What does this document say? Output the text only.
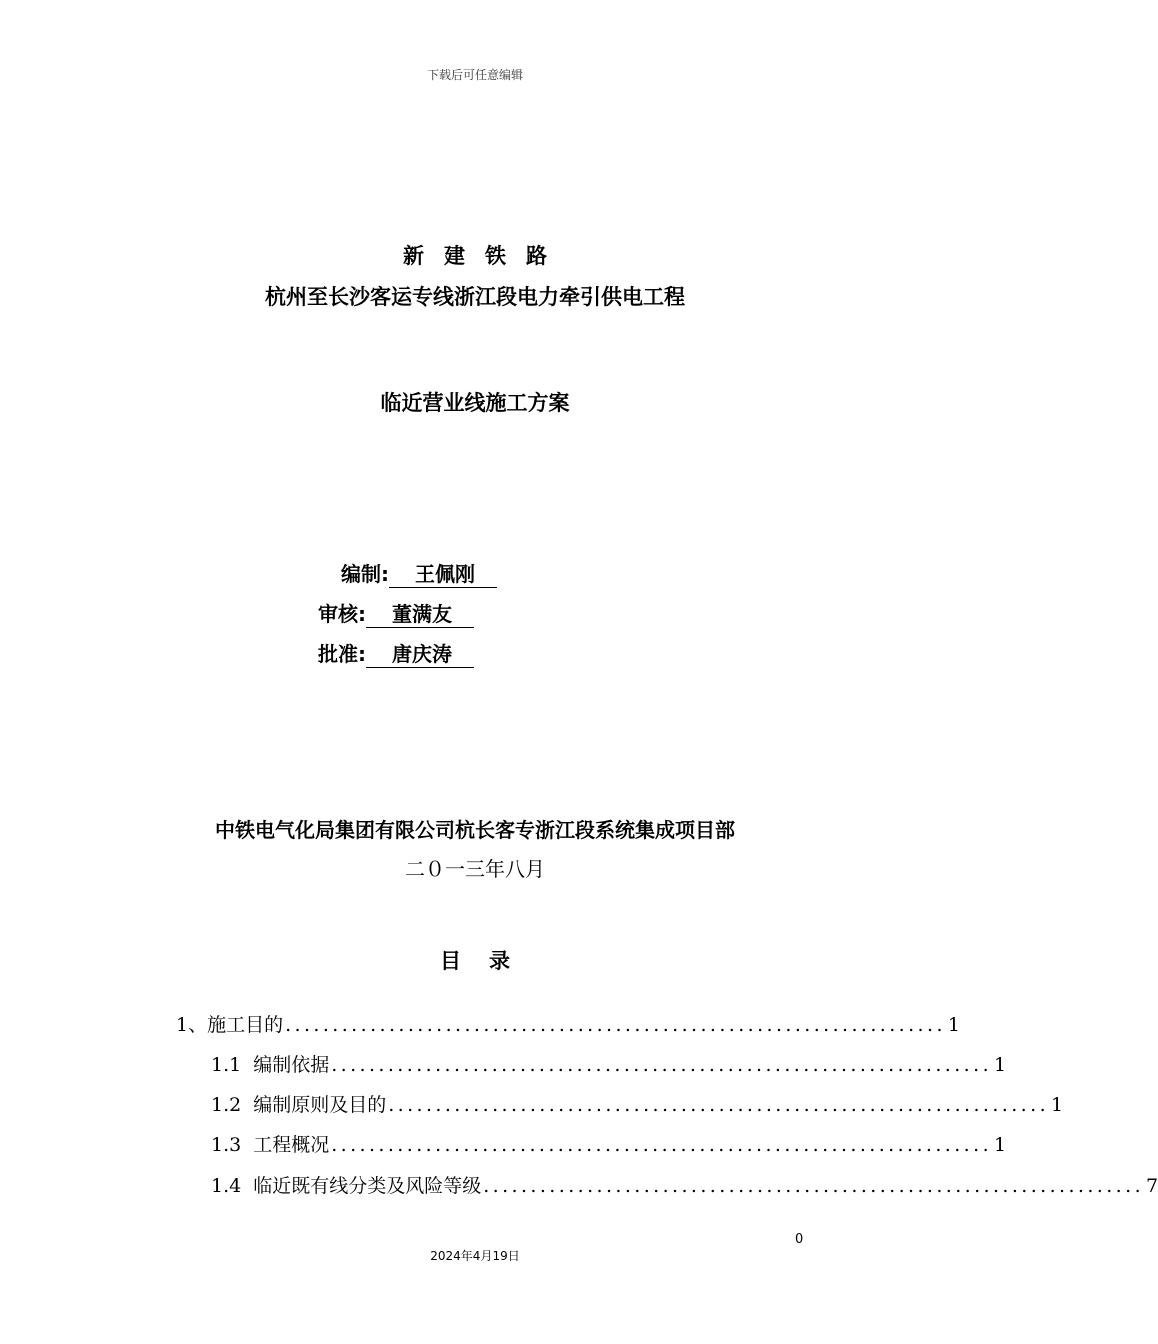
下载后可任意编辑
新 建 铁 路
杭州至长沙客运专线浙江段电力牵引供电工程
临近营业线施工方案
编制: 王佩刚
审核: 董满友
批准: 唐庆涛
中铁电气化局集团有限公司杭长客专浙江段系统集成项目部
二０一三年八月
目 录
1、 施工目的 ...................................................................... 1
1.1 编制依据 ...................................................................... 1
1.2 编制原则及目的 ...................................................................... 1
1.3 工程概况 ...................................................................... 1
1.4 临近既有线分类及风险等级 ...................................................................... 7
0
2024年4月19日
